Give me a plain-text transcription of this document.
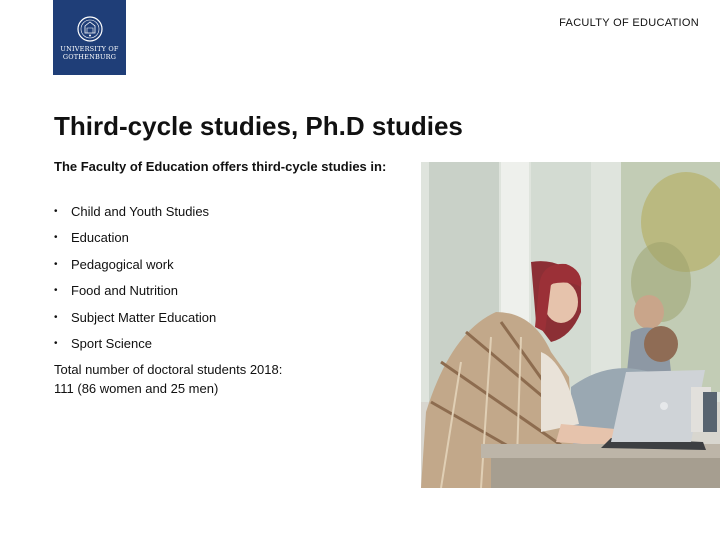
UNIVERSITY OF
GOTHENBURG
FACULTY OF EDUCATION
Third-cycle studies, Ph.D studies
The Faculty of Education offers third-cycle studies in:
•	Child and Youth Studies
•	Education
•	Pedagogical work
•	Food and Nutrition
•	Subject Matter Education
•	Sport Science
Total number of doctoral students 2018:
111 (86 women and 25 men)
